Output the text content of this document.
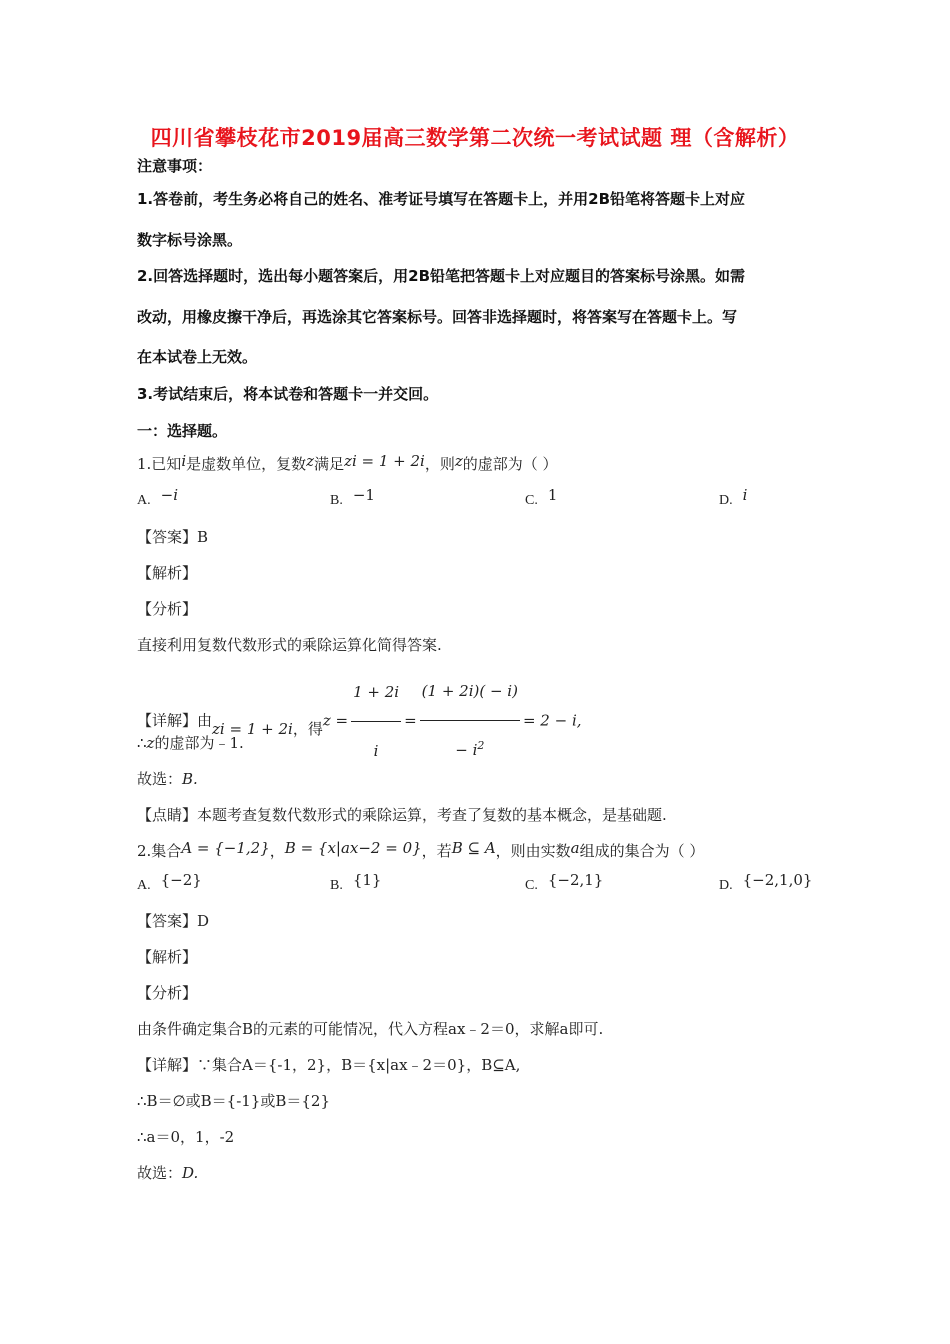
四川省攀枝花市2019届高三数学第二次统一考试试题 理（含解析）
注意事项：
1.答卷前，考生务必将自己的姓名、准考证号填写在答题卡上，并用2B铅笔将答题卡上对应
数字标号涂黑。
2.回答选择题时，选出每小题答案后，用2B铅笔把答题卡上对应题目的答案标号涂黑。如需
改动，用橡皮擦干净后，再选涂其它答案标号。回答非选择题时，将答案写在答题卡上。写
在本试卷上无效。
3.考试结束后，将本试卷和答题卡一并交回。
一：选择题。
1.已知i是虚数单位，复数z满足zi = 1 + 2i，则z的虚部为（ ）
A. −i	B. −1	C. 1	D. i
【答案】B
【解析】
【分析】
直接利用复数代数形式的乘除运算化简得答案.
【详解】由zi = 1 + 2i，得$z = \frac{1 + 2i}{i} = \frac{(1 + 2i)( - i)}{- i^2} = 2 - i$,
∴z的虚部为﹣1.
故选：B.
【点睛】本题考查复数代数形式的乘除运算，考查了复数的基本概念，是基础题.
2.集合A = {−1,2}，B = {x|ax−2 = 0}，若B ⊆ A，则由实数a组成的集合为（ ）
A. {−2}	B. {1}	C. {−2,1}	D. {−2,1,0}
【答案】D
【解析】
【分析】
由条件确定集合B的元素的可能情况，代入方程ax﹣2＝0，求解a即可.
【详解】∵集合A＝{-1，2}，B＝{x|ax﹣2＝0}，B⊆A,
∴B＝∅或B＝{-1}或B＝{2}
∴a＝0，1，-2
故选：D.
